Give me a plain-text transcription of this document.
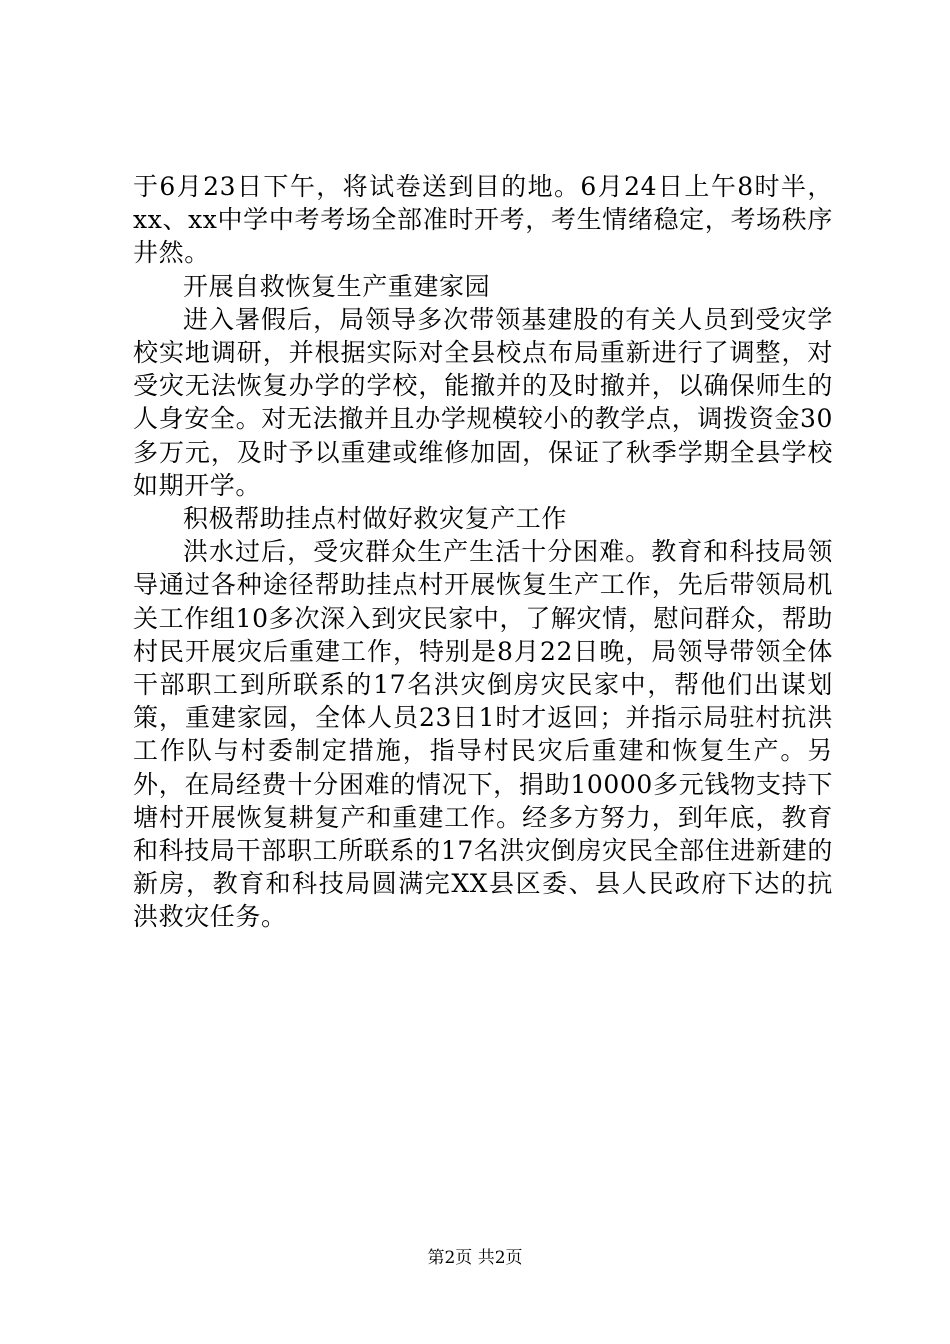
于6月23日下午，将试卷送到目的地。6月24日上午8时半，xx、xx中学中考考场全部准时开考，考生情绪稳定，考场秩序井然。

开展自救恢复生产重建家园

进入暑假后，局领导多次带领基建股的有关人员到受灾学校实地调研，并根据实际对全县校点布局重新进行了调整，对受灾无法恢复办学的学校，能撤并的及时撤并，以确保师生的人身安全。对无法撤并且办学规模较小的教学点，调拨资金30多万元，及时予以重建或维修加固，保证了秋季学期全县学校如期开学。

积极帮助挂点村做好救灾复产工作

洪水过后，受灾群众生产生活十分困难。教育和科技局领导通过各种途径帮助挂点村开展恢复生产工作，先后带领局机关工作组10多次深入到灾民家中，了解灾情，慰问群众，帮助村民开展灾后重建工作，特别是8月22日晚，局领导带领全体干部职工到所联系的17名洪灾倒房灾民家中，帮他们出谋划策，重建家园，全体人员23日1时才返回；并指示局驻村抗洪工作队与村委制定措施，指导村民灾后重建和恢复生产。另外，在局经费十分困难的情况下，捐助10000多元钱物支持下塘村开展恢复耕复产和重建工作。经多方努力，到年底，教育和科技局干部职工所联系的17名洪灾倒房灾民全部住进新建的新房，教育和科技局圆满完XX县区委、县人民政府下达的抗洪救灾任务。

第2页 共2页
